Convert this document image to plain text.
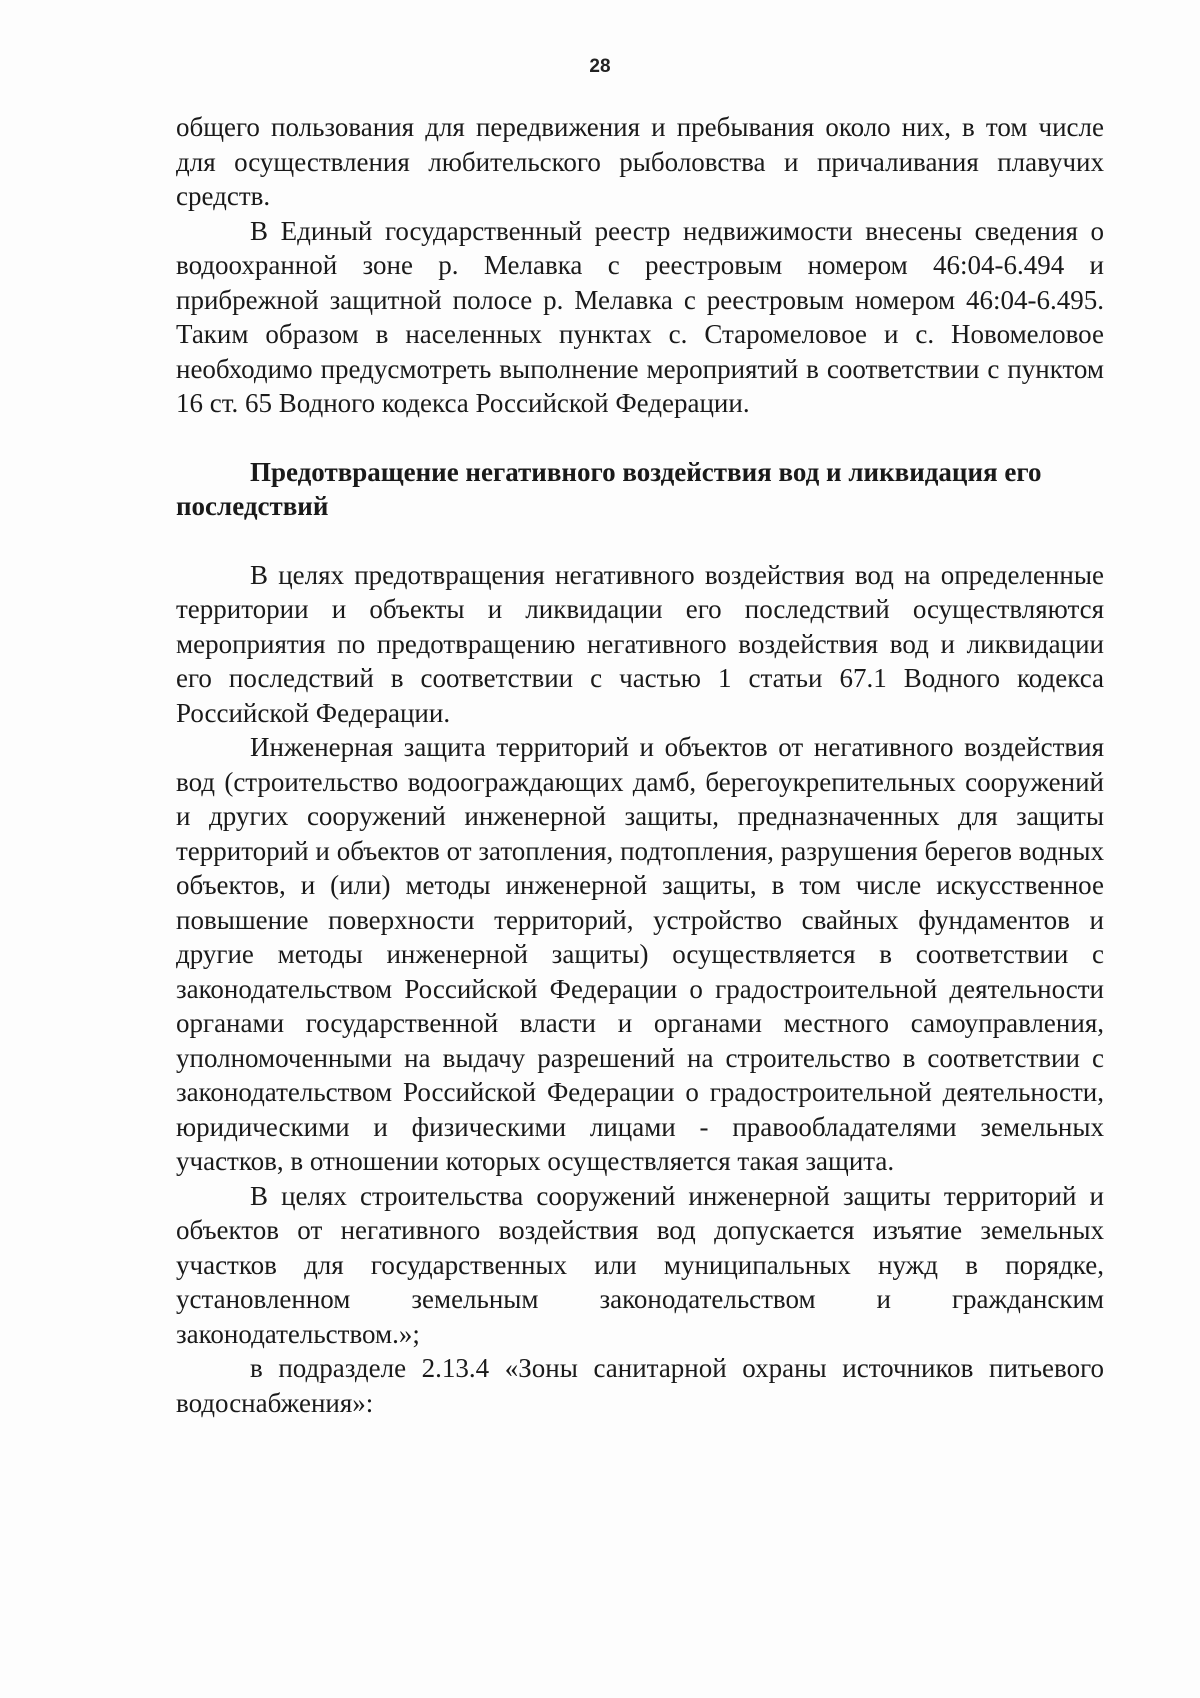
28

общего пользования для передвижения и пребывания около них, в том числе для осуществления любительского рыболовства и причаливания плавучих средств.

В Единый государственный реестр недвижимости внесены сведения о водоохранной зоне р. Мелавка с реестровым номером 46:04-6.494 и прибрежной защитной полосе р. Мелавка с реестровым номером 46:04-6.495. Таким образом в населенных пунктах с. Старомеловое и с. Новомеловое необходимо предусмотреть выполнение мероприятий в соответствии с пунктом 16 ст. 65 Водного кодекса Российской Федерации.

Предотвращение негативного воздействия вод и ликвидация его последствий

В целях предотвращения негативного воздействия вод на определенные территории и объекты и ликвидации его последствий осуществляются мероприятия по предотвращению негативного воздействия вод и ликвидации его последствий в соответствии с частью 1 статьи 67.1 Водного кодекса Российской Федерации.

Инженерная защита территорий и объектов от негативного воздействия вод (строительство водоограждающих дамб, берегоукрепительных сооружений и других сооружений инженерной защиты, предназначенных для защиты территорий и объектов от затопления, подтопления, разрушения берегов водных объектов, и (или) методы инженерной защиты, в том числе искусственное повышение поверхности территорий, устройство свайных фундаментов и другие методы инженерной защиты) осуществляется в соответствии с законодательством Российской Федерации о градостроительной деятельности органами государственной власти и органами местного самоуправления, уполномоченными на выдачу разрешений на строительство в соответствии с законодательством Российской Федерации о градостроительной деятельности, юридическими и физическими лицами - правообладателями земельных участков, в отношении которых осуществляется такая защита.

В целях строительства сооружений инженерной защиты территорий и объектов от негативного воздействия вод допускается изъятие земельных участков для государственных или муниципальных нужд в порядке, установленном земельным законодательством и гражданским законодательством.»;

в подразделе 2.13.4 «Зоны санитарной охраны источников питьевого водоснабжения»:
